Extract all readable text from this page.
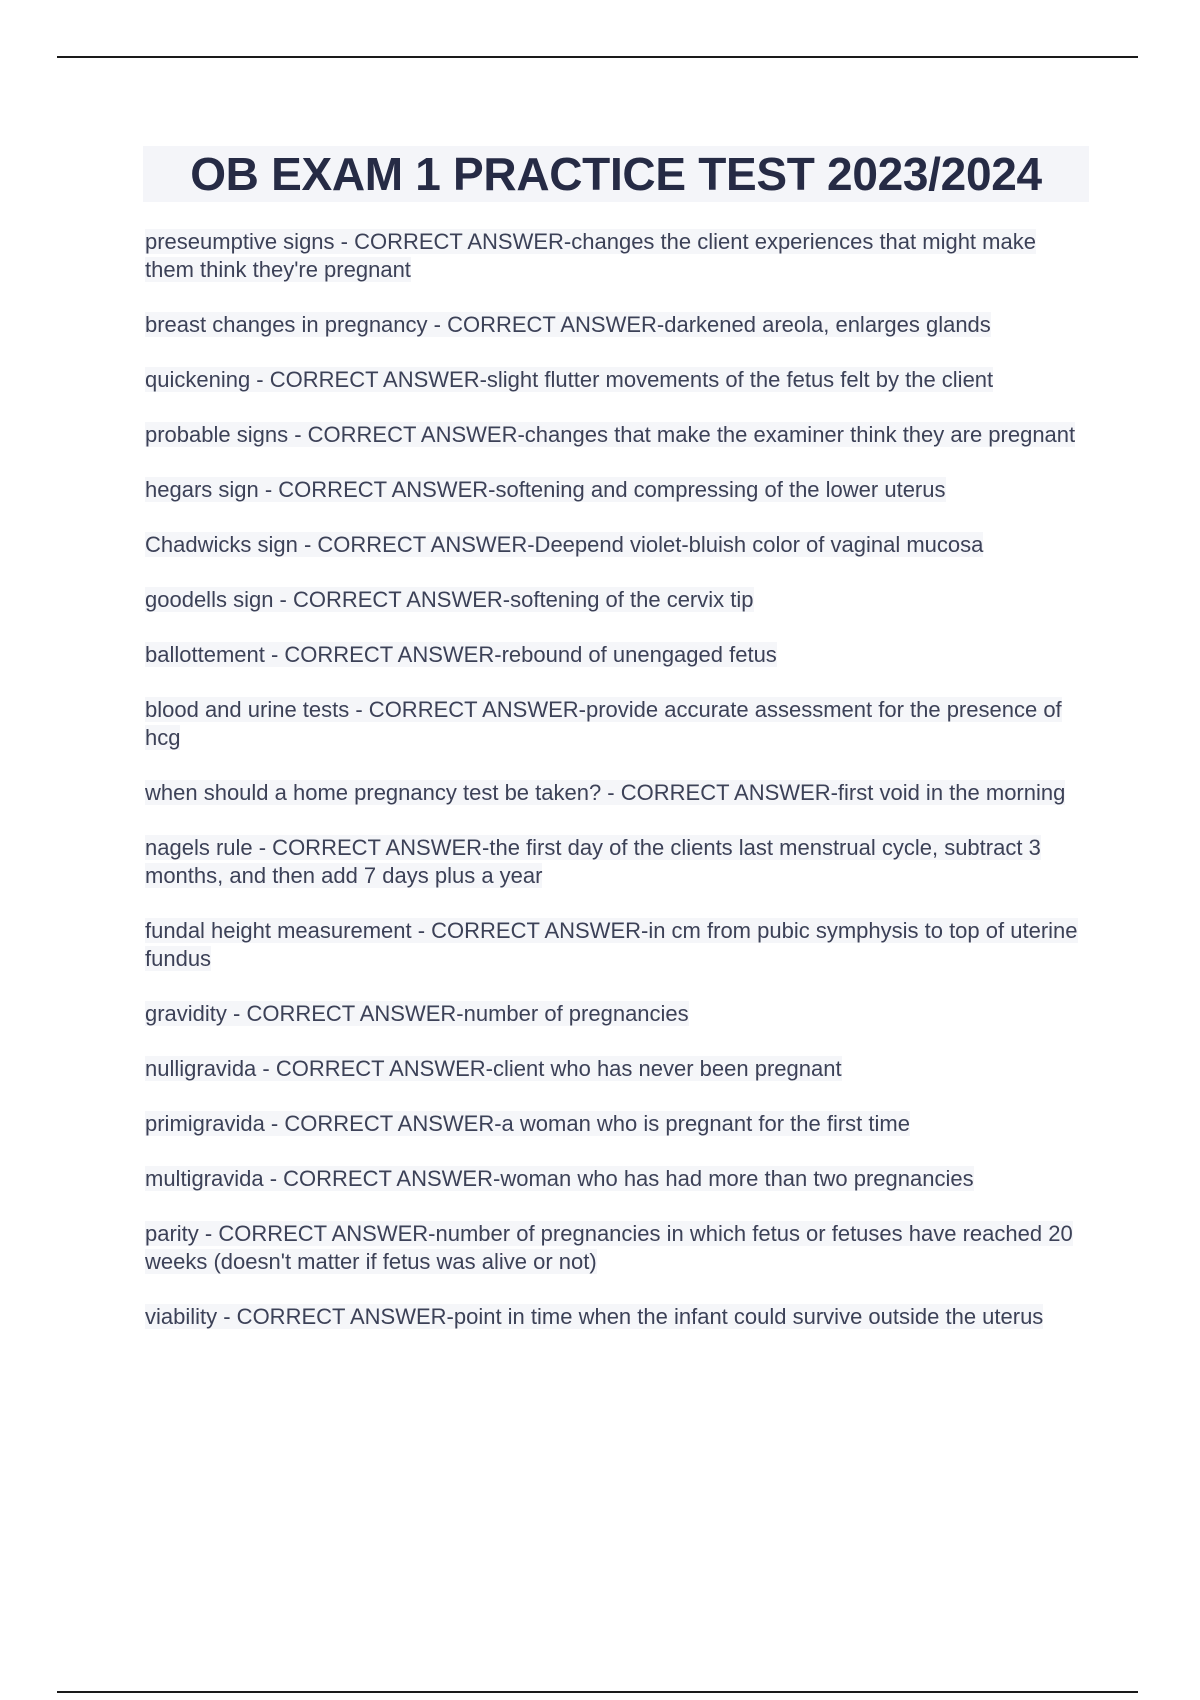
OB EXAM 1 PRACTICE TEST 2023/2024
preseumptive signs - CORRECT ANSWER-changes the client experiences that might make them think they're pregnant
breast changes in pregnancy - CORRECT ANSWER-darkened areola, enlarges glands
quickening - CORRECT ANSWER-slight flutter movements of the fetus felt by the client
probable signs - CORRECT ANSWER-changes that make the examiner think they are pregnant
hegars sign - CORRECT ANSWER-softening and compressing of the lower uterus
Chadwicks sign - CORRECT ANSWER-Deepend violet-bluish color of vaginal mucosa
goodells sign - CORRECT ANSWER-softening of the cervix tip
ballottement - CORRECT ANSWER-rebound of unengaged fetus
blood and urine tests - CORRECT ANSWER-provide accurate assessment for the presence of hcg
when should a home pregnancy test be taken? - CORRECT ANSWER-first void in the morning
nagels rule - CORRECT ANSWER-the first day of the clients last menstrual cycle, subtract 3 months, and then add 7 days plus a year
fundal height measurement - CORRECT ANSWER-in cm from pubic symphysis to top of uterine fundus
gravidity - CORRECT ANSWER-number of pregnancies
nulligravida - CORRECT ANSWER-client who has never been pregnant
primigravida - CORRECT ANSWER-a woman who is pregnant for the first time
multigravida - CORRECT ANSWER-woman who has had more than two pregnancies
parity - CORRECT ANSWER-number of pregnancies in which fetus or fetuses have reached 20 weeks (doesn't matter if fetus was alive or not)
viability - CORRECT ANSWER-point in time when the infant could survive outside the uterus
